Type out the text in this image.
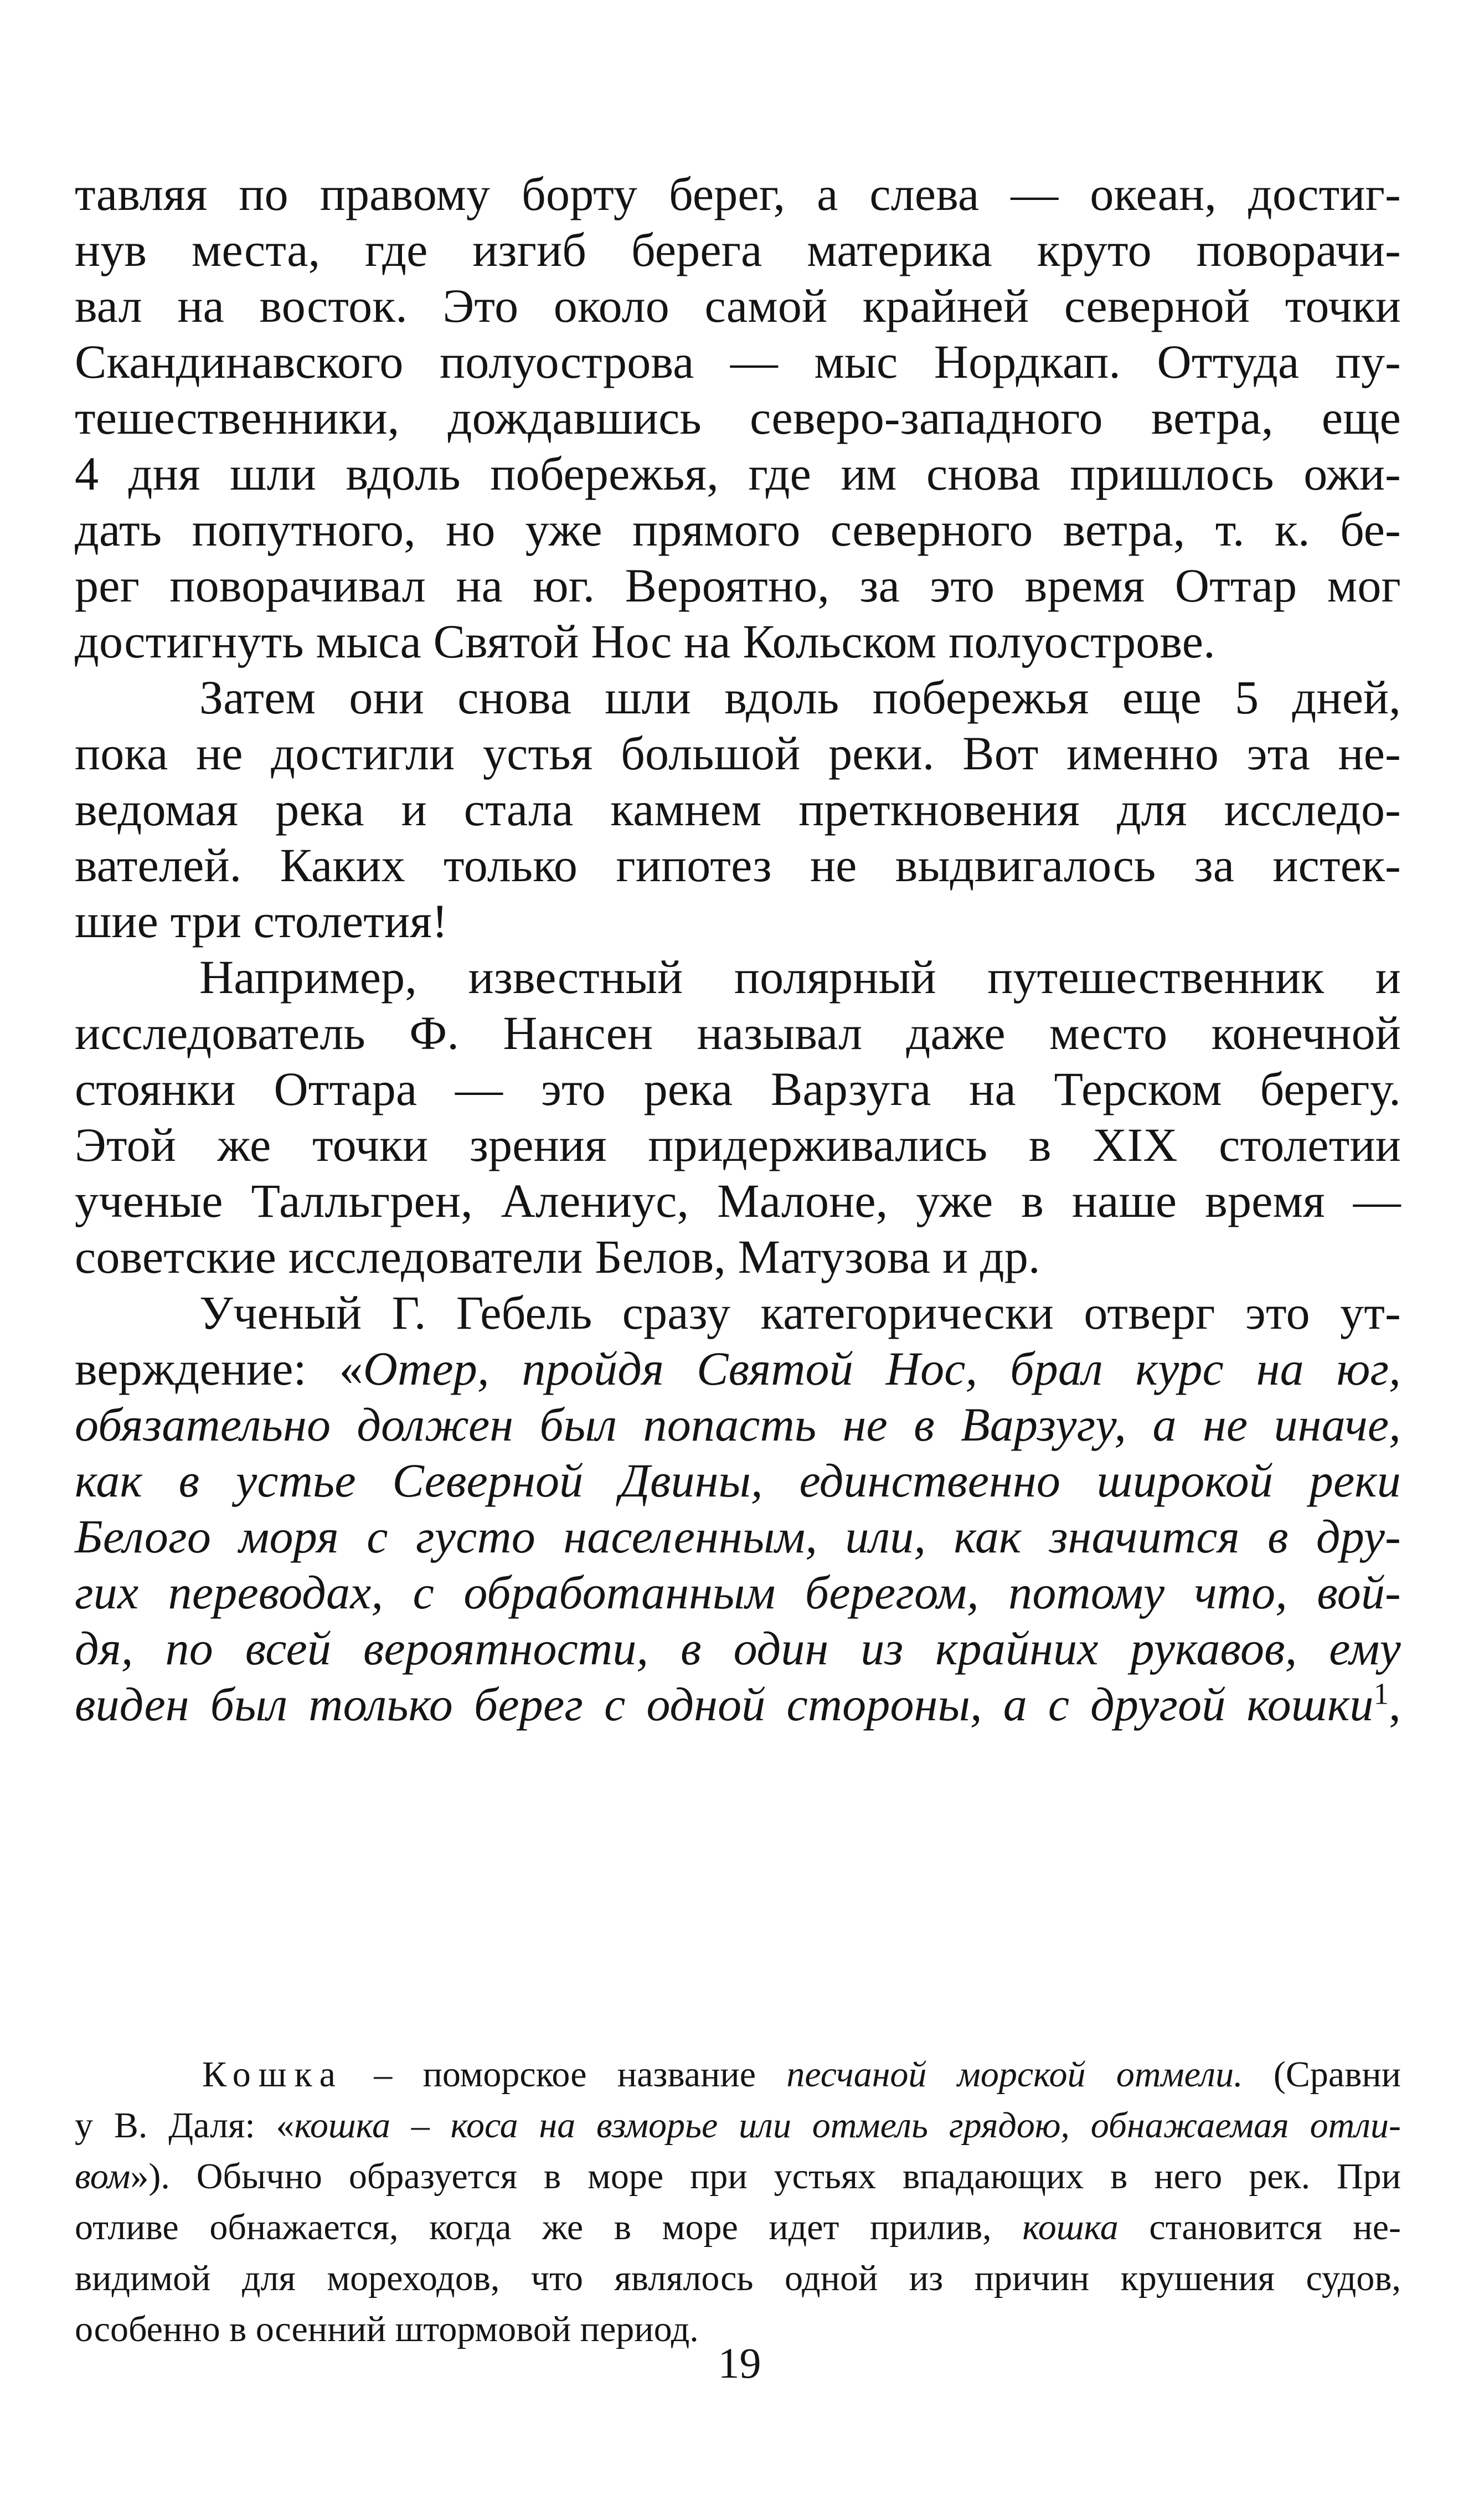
тавляя по правому борту берег, а слева — океан, достиг-
нув места, где изгиб берега материка круто поворачи-
вал на восток. Это около самой крайней северной точки
Скандинавского полуострова — мыс Нордкап. Оттуда пу-
тешественники, дождавшись северо-западного ветра, еще
4 дня шли вдоль побережья, где им снова пришлось ожи-
дать попутного, но уже прямого северного ветра, т. к. бе-
рег поворачивал на юг. Вероятно, за это время Оттар мог
достигнуть мыса Святой Нос на Кольском полуострове.
Затем они снова шли вдоль побережья еще 5 дней,
пока не достигли устья большой реки. Вот именно эта не-
ведомая река и стала камнем преткновения для исследо-
вателей. Каких только гипотез не выдвигалось за истек-
шие три столетия!
Например, известный полярный путешественник и
исследователь Ф. Нансен называл даже место конечной
стоянки Оттара — это река Варзуга на Терском берегу.
Этой же точки зрения придерживались в XIX столетии
ученые Талльгрен, Алениус, Малоне, уже в наше время —
советские исследователи Белов, Матузова и др.
Ученый Г. Гебель сразу категорически отверг это ут-
верждение: «Отер, пройдя Святой Нос, брал курс на юг,
обязательно должен был попасть не в Варзугу, а не иначе,
как в устье Северной Двины, единственно широкой реки
Белого моря с густо населенным, или, как значится в дру-
гих переводах, с обработанным берегом, потому что, вой-
дя, по всей вероятности, в один из крайних рукавов, ему
виден был только берег с одной стороны, а с другой кошки$^1$,
Кошка – поморское название песчаной морской отмели. (Сравни
у В. Даля: «кошка – коса на взморье или отмель грядою, обнажаемая отли-
вом»). Обычно образуется в море при устьях впадающих в него рек. При
отливе обнажается, когда же в море идет прилив, кошка становится не-
видимой для мореходов, что являлось одной из причин крушения судов,
особенно в осенний штормовой период.
19
